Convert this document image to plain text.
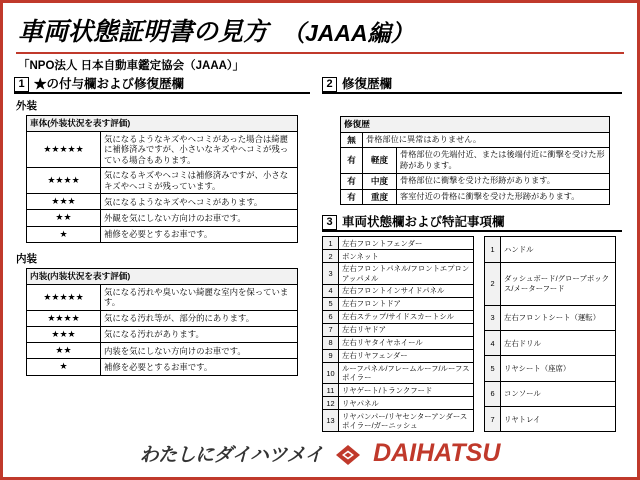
車両状態証明書の見方 （JAAA編）
「NPO法人 日本自動車鑑定協会（JAAA）」
1 ★の付与欄および修復歴欄
外装
車体(外装状況を表す評価)	
★★★★★	気になるようなキズやヘコミがあった場合は綺麗に補修済みですが、小さいなキズやヘコミが残っている場合もあります。
★★★★	気になるキズやヘコミは補修済みですが、小さなキズやヘコミが残っています。
★★★	気になるようなキズやヘコミがあります。
★★	外観を気にしない方向けのお車です。
★	補修を必要とするお車です。
内装
内装(内装状況を表す評価)	
★★★★★	気になる汚れや臭いない綺麗な室内を保っています。
★★★★	気になる汚れ等が、部分的にあります。
★★★	気になる汚れがあります。
★★	内装を気にしない方向けのお車です。
★	補修を必要とするお車です。
2 修復歴欄
修復歴		
無	骨格部位に異常はありません。	
有	軽度	骨格部位の先端付近、または後端付近に衝撃を受けた形跡があります。
有	中度	骨格部位に衝撃を受けた形跡があります。
有	重度	客室付近の骨格に衝撃を受けた形跡があります。
3 車両状態欄および特記事項欄
1	左右フロントフェンダー
2	ボンネット
3	左右フロントパネル/フロントエプロンアッパメル
4	左右フロントインサイドパネル
5	左右フロントドア
6	左右ステップ/サイドスカートシル
7	左右リヤドア
8	左右リヤタイヤホイール
9	左右リヤフェンダー
10	ルーフパネル/フレームルーフ/ルーフスポイラー
11	リヤゲート/トランクフード
12	リヤパネル
13	リヤパンパー/リヤセンターアンダースポイラー/ガーニッシュ
1	ハンドル
2	ダッシュボード/グローブボックス/メーターフード
3	左右フロントシート（運転）
4	左右ドリル
5	リヤシート（座席）
6	コンソール
7	リヤトレイ
わたしにダイハツメイ DAIHATSU
